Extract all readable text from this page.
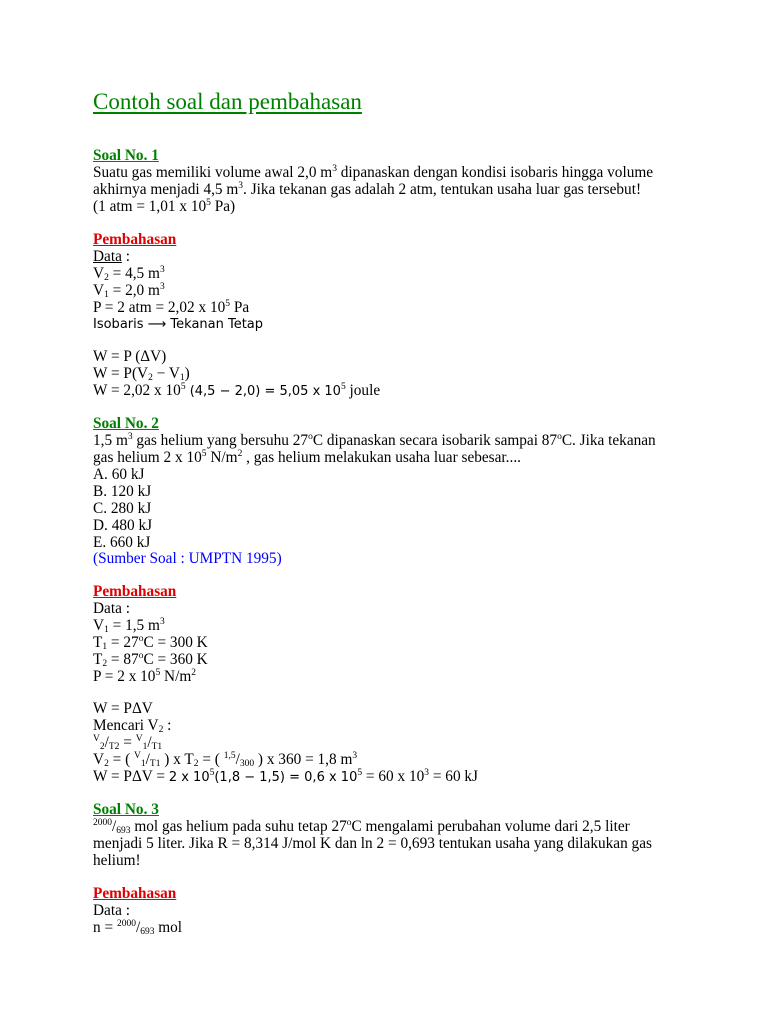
Contoh soal dan pembahasan
Soal No. 1
Suatu gas memiliki volume awal 2,0 $m^3$ dipanaskan dengan kondisi isobaris hingga volume
akhirnya menjadi 4,5 $m^3$. Jika tekanan gas adalah 2 atm, tentukan usaha luar gas tersebut!
(1 atm = 1,01 x $10^5$ Pa)
Pembahasan
Data :
$V_2 = 4,5$ $m^3$
$V_1 = 2,0$ $m^3$
P = 2 atm = 2,02 x $10^5$ Pa
Isobaris ⟶ Tekanan Tetap
W = P (ΔV)
$W = P(V_2 - V_1)$
W = 2,02 x $10^5$ (4,5 − 2,0) = 5,05 x $10^5$ joule
Soal No. 2
1,5 $m^3$ gas helium yang bersuhu 27$^o$C dipanaskan secara isobarik sampai 87$^o$C. Jika tekanan
gas helium 2 x $10^5$ $N/m^2$ , gas helium melakukan usaha luar sebesar....
A. 60 kJ
B. 120 kJ
C. 280 kJ
D. 480 kJ
E. 660 kJ
(Sumber Soal : UMPTN 1995)
Pembahasan
Data :
$V_1 = 1,5$ $m^3$
$T_1 = 27^oC = 300$ K
$T_2 = 87^oC = 360$ K
P = 2 x $10^5$ $N/m^2$
W = PΔV
Mencari $V_2$ :
$^V_2/_{T2} = ^V_1/_{T1}$
$V_2$ = ( $^V_1/_{T1}$ ) x $T_2$ = ( $^{1,5}/_{300}$ ) x 360 = 1,8 $m^3$
W = PΔV = 2 x $10^5(1,8 - 1,5) = 0,6$ x $10^5 = 60$ x $10^3 = 60$ kJ
Soal No. 3
$^{2000}/_{693}$ mol gas helium pada suhu tetap 27$^o$C mengalami perubahan volume dari 2,5 liter
menjadi 5 liter. Jika R = 8,314 J/mol K dan ln 2 = 0,693 tentukan usaha yang dilakukan gas
helium!
Pembahasan
Data :
$n = ^{2000}/_{693}$ mol
